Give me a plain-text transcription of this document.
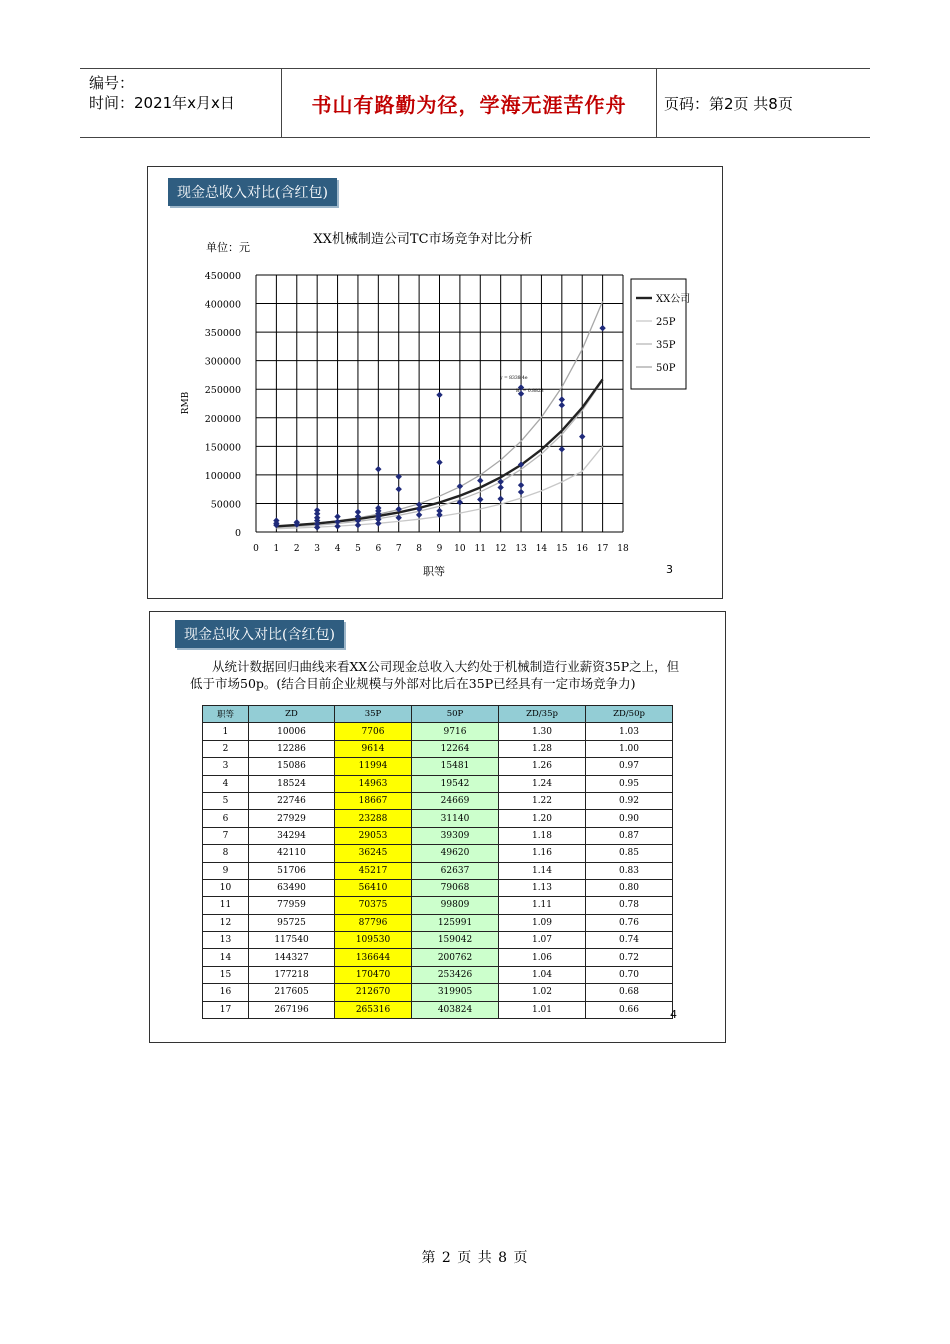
编号：
时间：2021年x月x日	书山有路勤为径，学海无涯苦作舟	页码：第2页 共8页
现金总收入对比(含红包)
XX机械制造公司TC市场竞争对比分析
单位：元
RMB
职等
0 1 2 3 4 5 6 7 8 9 10 11 12 13 14 15 16 17 18
0
50000
100000
150000
200000
250000
300000
350000
400000
450000
y = 8338.4e
R² = 0.8823
XX公司
25P
35P
50P
3
现金总收入对比(含红包)
从统计数据回归曲线来看XX公司现金总收入大约处于机械制造行业薪资35P之上，但低于市场50p。(结合目前企业规模与外部对比后在35P已经具有一定市场竞争力)
职等	ZD	35P	50P	ZD/35p	ZD/50p
1	10006	7706	9716	1.30	1.03
2	12286	9614	12264	1.28	1.00
3	15086	11994	15481	1.26	0.97
4	18524	14963	19542	1.24	0.95
5	22746	18667	24669	1.22	0.92
6	27929	23288	31140	1.20	0.90
7	34294	29053	39309	1.18	0.87
8	42110	36245	49620	1.16	0.85
9	51706	45217	62637	1.14	0.83
10	63490	56410	79068	1.13	0.80
11	77959	70375	99809	1.11	0.78
12	95725	87796	125991	1.09	0.76
13	117540	109530	159042	1.07	0.74
14	144327	136644	200762	1.06	0.72
15	177218	170470	253426	1.04	0.70
16	217605	212670	319905	1.02	0.68
17	267196	265316	403824	1.01	0.66	4
第 2 页 共 8 页
